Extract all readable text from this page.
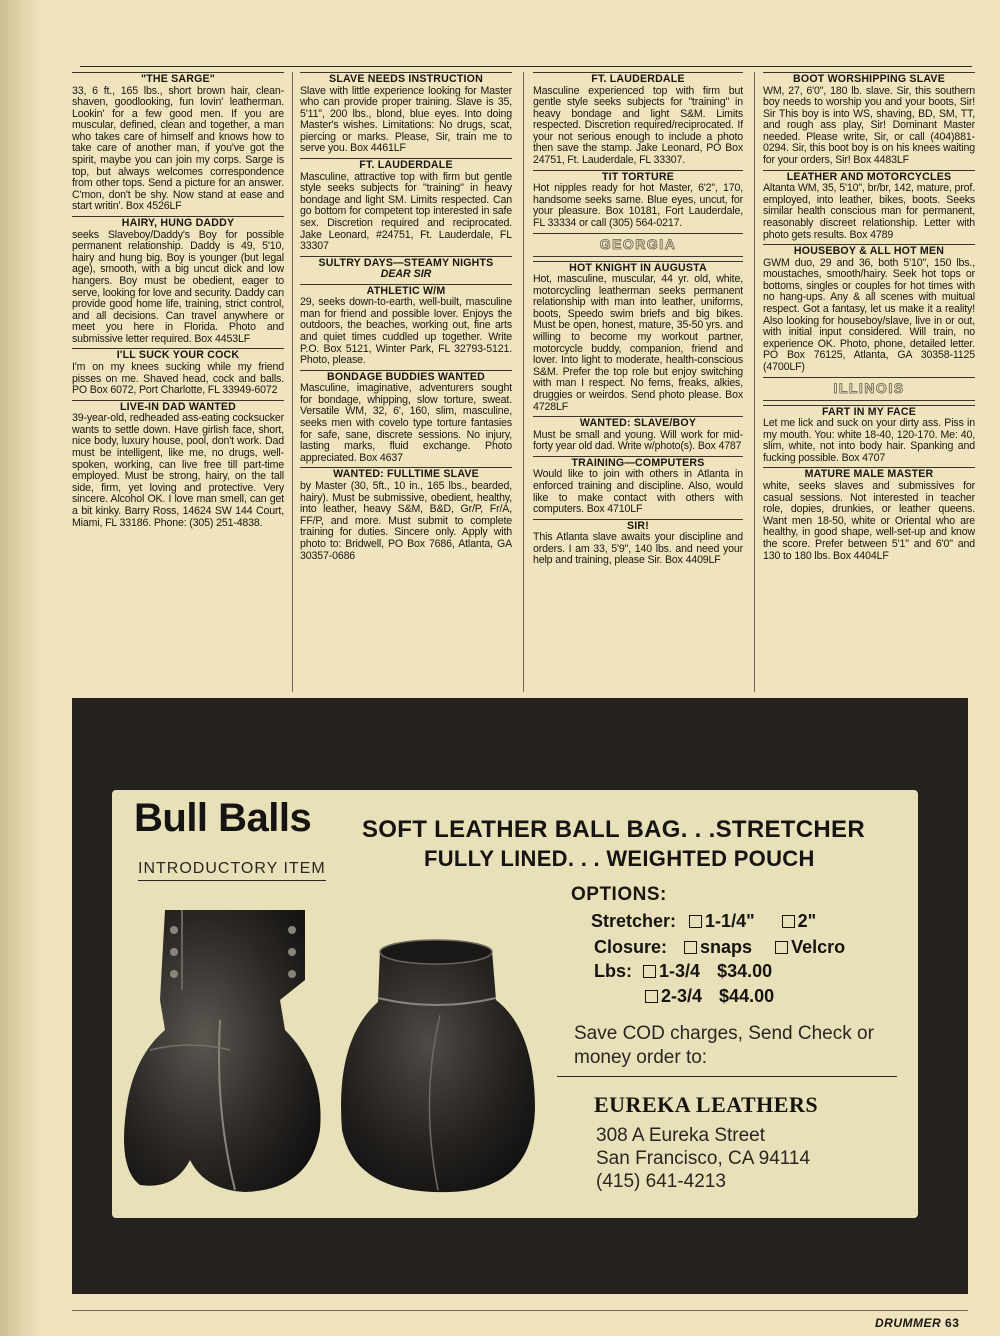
"THE SARGE"

33, 6 ft., 165 lbs., short brown hair, clean-shaven, goodlooking, fun lovin' leatherman. Lookin' for a few good men. If you are muscular, defined, clean and together, a man who takes care of himself and knows how to take care of another man, if you've got the spirit, maybe you can join my corps. Sarge is top, but always welcomes correspondence from other tops. Send a picture for an answer. C'mon, don't be shy. Now stand at ease and start writin'. Box 4526LF

HAIRY, HUNG DADDY

seeks Slaveboy/Daddy's Boy for possible permanent relationship. Daddy is 49, 5'10, hairy and hung big. Boy is younger (but legal age), smooth, with a big uncut dick and low hangers. Boy must be obedient, eager to serve, looking for love and security. Daddy can provide good home life, training, strict control, and all decisions. Can travel anywhere or meet you here in Florida. Photo and submissive letter required. Box 4453LF

I'LL SUCK YOUR COCK

I'm on my knees sucking while my friend pisses on me. Shaved head, cock and balls. PO Box 6072, Port Charlotte, FL 33949-6072

LIVE-IN DAD WANTED

39-year-old, redheaded ass-eating cocksucker wants to settle down. Have girlish face, short, nice body, luxury house, pool, don't work. Dad must be intelligent, like me, no drugs, well-spoken, working, can live free till part-time employed. Must be strong, hairy, on the tall side, firm, yet loving and protective. Very sincere. Alcohol OK. I love man smell, can get a bit kinky. Barry Ross, 14624 SW 144 Court, Miami, FL 33186. Phone: (305) 251-4838.

SLAVE NEEDS INSTRUCTION

Slave with little experience looking for Master who can provide proper training. Slave is 35, 5'11", 200 lbs., blond, blue eyes. Into doing Master's wishes. Limitations: No drugs, scat, piercing or marks. Please, Sir, train me to serve you. Box 4461LF

FT. LAUDERDALE

Masculine, attractive top with firm but gentle style seeks subjects for "training" in heavy bondage and light SM. Limits respected. Can go bottom for competent top interested in safe sex. Discretion required and reciprocated. Jake Leonard, #24751, Ft. Lauderdale, FL 33307

SULTRY DAYS—STEAMY NIGHTS
DEAR SIR
ATHLETIC W/M

29, seeks down-to-earth, well-built, masculine man for friend and possible lover. Enjoys the outdoors, the beaches, working out, fine arts and quiet times cuddled up together. Write P.O. Box 5121, Winter Park, FL 32793-5121. Photo, please.

BONDAGE BUDDIES WANTED

Masculine, imaginative, adventurers sought for bondage, whipping, slow torture, sweat. Versatile WM, 32, 6', 160, slim, masculine, seeks men with covelo type torture fantasies for safe, sane, discrete sessions. No injury, lasting marks, fluid exchange. Photo appreciated. Box 4637

WANTED: FULLTIME SLAVE

by Master (30, 5ft., 10 in., 165 lbs., bearded, hairy). Must be submissive, obedient, healthy, into leather, heavy S&M, B&D, Gr/P, Fr/A, FF/P, and more. Must submit to complete training for duties. Sincere only. Apply with photo to: Bridwell, PO Box 7686, Atlanta, GA 30357-0686

FT. LAUDERDALE

Masculine experienced top with firm but gentle style seeks subjects for "training" in heavy bondage and light S&M. Limits respected. Discretion required/reciprocated. If your not serious enough to include a photo then save the stamp. Jake Leonard, PO Box 24751, Ft. Lauderdale, FL 33307.

TIT TORTURE

Hot nipples ready for hot Master, 6'2", 170, handsome seeks same. Blue eyes, uncut, for your pleasure. Box 10181, Fort Lauderdale, FL 33334 or call (305) 564-0217.

GEORGIA
HOT KNIGHT IN AUGUSTA

Hot, masculine, muscular, 44 yr. old, white, motorcycling leatherman seeks permanent relationship with man into leather, uniforms, boots, Speedo swim briefs and big bikes. Must be open, honest, mature, 35-50 yrs. and willing to become my workout partner, motorcycle buddy, companion, friend and lover. Into light to moderate, health-conscious S&M. Prefer the top role but enjoy switching with man I respect. No fems, freaks, alkies, druggies or weirdos. Send photo please. Box 4728LF

WANTED: SLAVE/BOY

Must be small and young. Will work for mid-forty year old dad. Write w/photo(s). Box 4787

TRAINING—COMPUTERS

Would like to join with others in Atlanta in enforced training and discipline. Also, would like to make contact with others with computers. Box 4710LF

SIR!

This Atlanta slave awaits your discipline and orders. I am 33, 5'9", 140 lbs. and need your help and training, please Sir. Box 4409LF

BOOT WORSHIPPING SLAVE

WM, 27, 6'0", 180 lb. slave. Sir, this southern boy needs to worship you and your boots, Sir! Sir This boy is into WS, shaving, BD, SM, TT, and rough ass play, Sir! Dominant Master needed. Please write, Sir, or call (404)881-0294. Sir, this boot boy is on his knees waiting for your orders, Sir! Box 4483LF

LEATHER AND MOTORCYCLES

Altanta WM, 35, 5'10", br/br, 142, mature, prof. employed, into leather, bikes, boots. Seeks similar health conscious man for permanent, reasonably discreet relationship. Letter with photo gets results. Box 4789

HOUSEBOY & ALL HOT MEN

GWM duo, 29 and 36, both 5'10", 150 lbs., moustaches, smooth/hairy. Seek hot tops or bottoms, singles or couples for hot times with no hang-ups. Any & all scenes with muitual respect. Got a fantasy, let us make it a reality! Also looking for houseboy/slave, live in or out, with initial input considered. Will train, no experience OK. Photo, phone, detailed letter. PO Box 76125, Atlanta, GA 30358-1125 (4700LF)

ILLINOIS
FART IN MY FACE

Let me lick and suck on your dirty ass. Piss in my mouth. You: white 18-40, 120-170. Me: 40, slim, white, not into body hair. Spanking and fucking possible. Box 4707

MATURE MALE MASTER

white, seeks slaves and submissives for casual sessions. Not interested in teacher role, dopies, drunkies, or leather queens. Want men 18-50, white or Oriental who are healthy, in good shape, well-set-up and know the score. Prefer between 5'1" and 6'0" and 130 to 180 lbs. Box 4404LF

Bull Balls
INTRODUCTORY ITEM
SOFT LEATHER BALL BAG. . .STRETCHER
FULLY LINED. . . WEIGHTED POUCH
OPTIONS:
Stretcher: 1-1/4" 2"
Closure: snaps Velcro
Lbs: 1-3/4 $34.00
2-3/4 $44.00
Save COD charges, Send Check or money order to:
EUREKA LEATHERS
308 A Eureka Street
San Francisco, CA 94114
(415) 641-4213
DRUMMER 63
